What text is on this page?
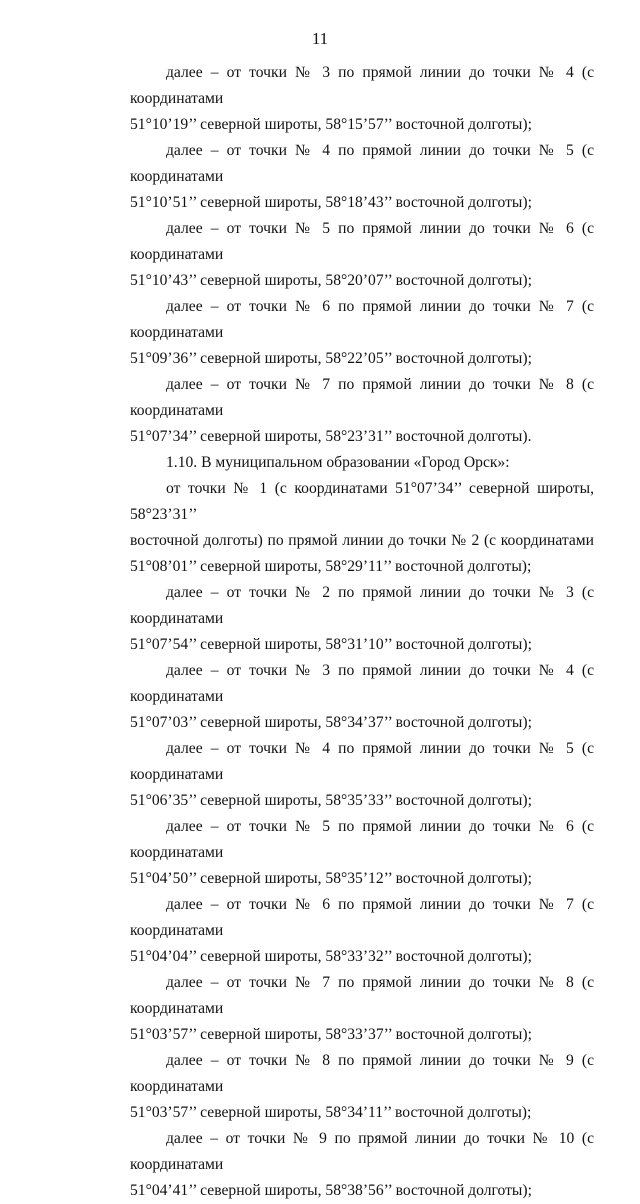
11

далее – от точки № 3 по прямой линии до точки № 4 (с координатами
51°10’19’’ северной широты, 58°15’57’’ восточной долготы);

далее – от точки № 4 по прямой линии до точки № 5 (с координатами
51°10’51’’ северной широты, 58°18’43’’ восточной долготы);

далее – от точки № 5 по прямой линии до точки № 6 (с координатами
51°10’43’’ северной широты, 58°20’07’’ восточной долготы);

далее – от точки № 6 по прямой линии до точки № 7 (с координатами
51°09’36’’ северной широты, 58°22’05’’ восточной долготы);

далее – от точки № 7 по прямой линии до точки № 8 (с координатами
51°07’34’’ северной широты, 58°23’31’’ восточной долготы).

1.10. В муниципальном образовании «Город Орск»:

от точки № 1 (с координатами 51°07’34’’ северной широты, 58°23’31’’
восточной долготы) по прямой линии до точки № 2 (с координатами
51°08’01’’ северной широты, 58°29’11’’ восточной долготы);

далее – от точки № 2 по прямой линии до точки № 3 (с координатами
51°07’54’’ северной широты, 58°31’10’’ восточной долготы);

далее – от точки № 3 по прямой линии до точки № 4 (с координатами
51°07’03’’ северной широты, 58°34’37’’ восточной долготы);

далее – от точки № 4 по прямой линии до точки № 5 (с координатами
51°06’35’’ северной широты, 58°35’33’’ восточной долготы);

далее – от точки № 5 по прямой линии до точки № 6 (с координатами
51°04’50’’ северной широты, 58°35’12’’ восточной долготы);

далее – от точки № 6 по прямой линии до точки № 7 (с координатами
51°04’04’’ северной широты, 58°33’32’’ восточной долготы);

далее – от точки № 7 по прямой линии до точки № 8 (с координатами
51°03’57’’ северной широты, 58°33’37’’ восточной долготы);

далее – от точки № 8 по прямой линии до точки № 9 (с координатами
51°03’57’’ северной широты, 58°34’11’’ восточной долготы);

далее – от точки № 9 по прямой линии до точки № 10 (с координатами
51°04’41’’ северной широты, 58°38’56’’ восточной долготы);
